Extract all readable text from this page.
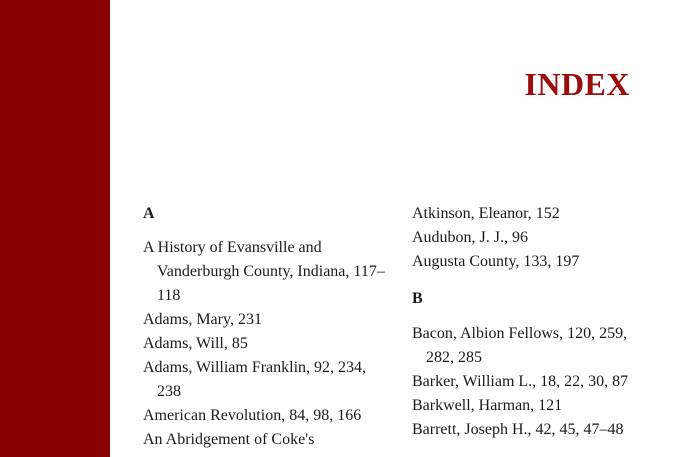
INDEX
A
A History of Evansville and Vanderburgh County, Indiana, 117–118
Adams, Mary, 231
Adams, Will, 85
Adams, William Franklin, 92, 234, 238
American Revolution, 84, 98, 166
An Abridgement of Coke's
Atkinson, Eleanor, 152
Audubon, J. J., 96
Augusta County, 133, 197
B
Bacon, Albion Fellows, 120, 259, 282, 285
Barker, William L., 18, 22, 30, 87
Barkwell, Harman, 121
Barrett, Joseph H., 42, 45, 47–48
